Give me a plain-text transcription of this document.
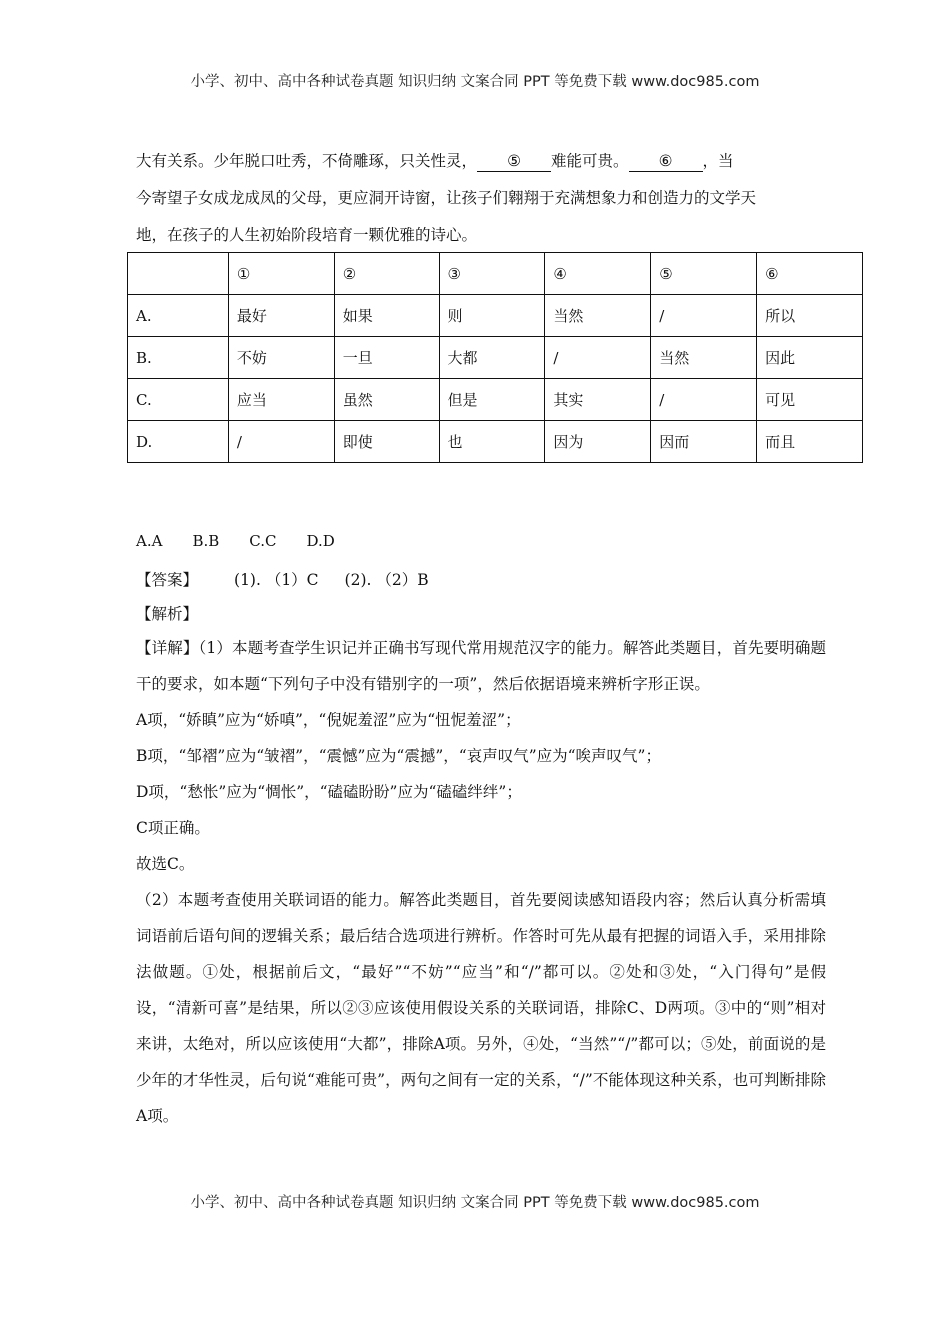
小学、初中、高中各种试卷真题 知识归纳 文案合同 PPT 等免费下载 www.doc985.com

大有关系。少年脱口吐秀，不倚雕琢，只关性灵， ⑤ 难能可贵。 ⑥ ，当

今寄望子女成龙成凤的父母，更应洞开诗窗，让孩子们翱翔于充满想象力和创造力的文学天

地，在孩子的人生初始阶段培育一颗优雅的诗心。

	①	②	③	④	⑤	⑥
A.	最好	如果	则	当然	/	所以
B.	不妨	一旦	大都	/	当然	因此
C.	应当	虽然	但是	其实	/	可见
D.	/	即使	也	因为	因而	而且
A.A B.B C.C D.D
【答案】 (1). （1）C (2). （2）B
【解析】

【详解】（1）本题考查学生识记并正确书写现代常用规范汉字的能力。解答此类题目，首先要明确题干的要求，如本题“下列句子中没有错别字的一项”，然后依据语境来辨析字形正误。

A项，“娇瞋”应为“娇嗔”，“倪妮羞涩”应为“忸怩羞涩”；

B项，“邹褶”应为“皱褶”，“震憾”应为“震撼”，“哀声叹气”应为“唉声叹气”；

D项，“愁怅”应为“惆怅”，“磕磕盼盼”应为“磕磕绊绊”；

C项正确。

故选C。

（2）本题考查使用关联词语的能力。解答此类题目，首先要阅读感知语段内容；然后认真分析需填词语前后语句间的逻辑关系；最后结合选项进行辨析。作答时可先从最有把握的词语入手，采用排除法做题。①处，根据前后文，“最好”“不妨”“应当”和“/”都可以。②处和③处，“入门得句”是假设，“清新可喜”是结果，所以②③应该使用假设关系的关联词语，排除C、D两项。③中的“则”相对来讲，太绝对，所以应该使用“大都”，排除A项。另外，④处，“当然”“/”都可以；⑤处，前面说的是少年的才华性灵，后句说“难能可贵”，两句之间有一定的关系，“/”不能体现这种关系，也可判断排除A项。

小学、初中、高中各种试卷真题 知识归纳 文案合同 PPT 等免费下载 www.doc985.com
